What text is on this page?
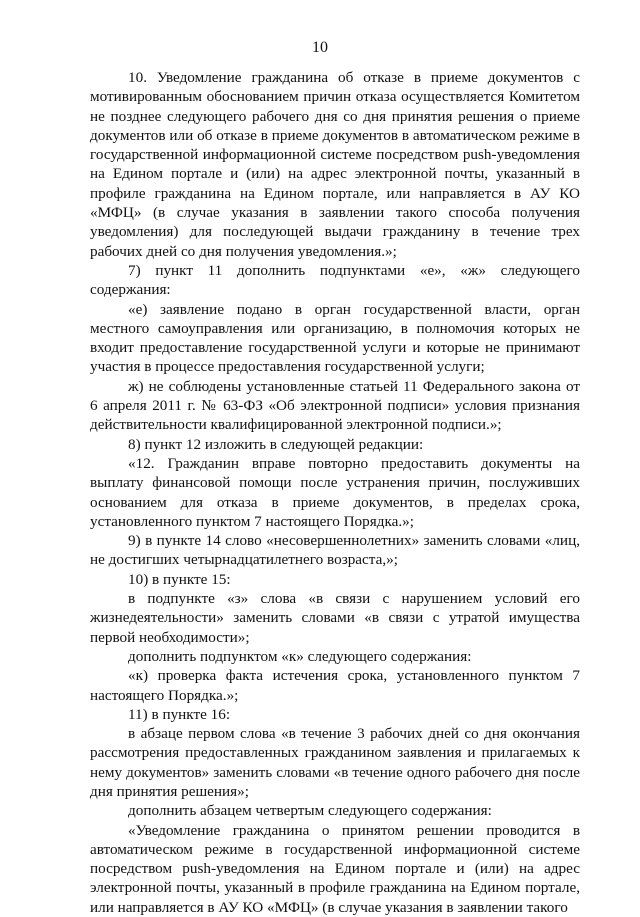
10

10. Уведомление гражданина об отказе в приеме документов с мотивированным обоснованием причин отказа осуществляется Комитетом не позднее следующего рабочего дня со дня принятия решения о приеме документов или об отказе в приеме документов в автоматическом режиме в государственной информационной системе посредством push-уведомления на Едином портале и (или) на адрес электронной почты, указанный в профиле гражданина на Едином портале, или направляется в АУ КО «МФЦ» (в случае указания в заявлении такого способа получения уведомления) для последующей выдачи гражданину в течение трех рабочих дней со дня получения уведомления.»;

7) пункт 11 дополнить подпунктами «е», «ж» следующего содержания:

«е) заявление подано в орган государственной власти, орган местного самоуправления или организацию, в полномочия которых не входит предоставление государственной услуги и которые не принимают участия в процессе предоставления государственной услуги;

ж) не соблюдены установленные статьей 11 Федерального закона от 6 апреля 2011 г. № 63-ФЗ «Об электронной подписи» условия признания действительности квалифицированной электронной подписи.»;

8) пункт 12 изложить в следующей редакции:

«12. Гражданин вправе повторно предоставить документы на выплату финансовой помощи после устранения причин, послуживших основанием для отказа в приеме документов, в пределах срока, установленного пунктом 7 настоящего Порядка.»;

9) в пункте 14 слово «несовершеннолетних» заменить словами «лиц, не достигших четырнадцатилетнего возраста,»;

10) в пункте 15:

в подпункте «з» слова «в связи с нарушением условий его жизнедеятельности» заменить словами «в связи с утратой имущества первой необходимости»;

дополнить подпунктом «к» следующего содержания:

«к) проверка факта истечения срока, установленного пунктом 7 настоящего Порядка.»;

11) в пункте 16:

в абзаце первом слова «в течение 3 рабочих дней со дня окончания рассмотрения предоставленных гражданином заявления и прилагаемых к нему документов» заменить словами «в течение одного рабочего дня после дня принятия решения»;

дополнить абзацем четвертым следующего содержания:

«Уведомление гражданина о принятом решении проводится в автоматическом режиме в государственной информационной системе посредством push-уведомления на Едином портале и (или) на адрес электронной почты, указанный в профиле гражданина на Едином портале, или направляется в АУ КО «МФЦ» (в случае указания в заявлении такого
